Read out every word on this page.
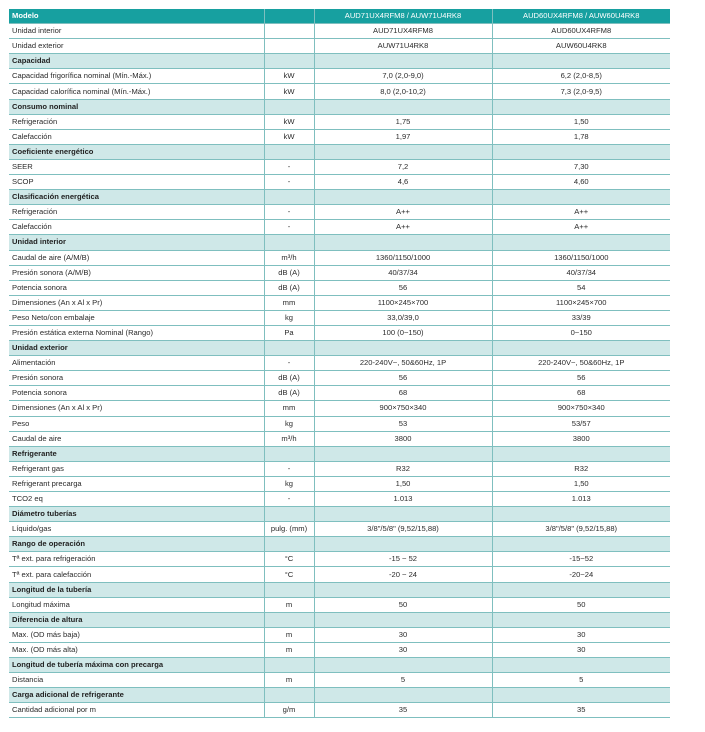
Modelo		AUD71UX4RFM8 / AUW71U4RK8	AUD60UX4RFM8 / AUW60U4RK8
Unidad interior		AUD71UX4RFM8	AUD60UX4RFM8
Unidad exterior		AUW71U4RK8	AUW60U4RK8
Capacidad			
Capacidad frigorífica nominal (Mín.-Máx.)	kW	7,0 (2,0-9,0)	6,2 (2,0-8,5)
Capacidad calorífica nominal (Mín.-Máx.)	kW	8,0 (2,0-10,2)	7,3 (2,0-9,5)
Consumo nominal			
Refrigeración	kW	1,75	1,50
Calefacción	kW	1,97	1,78
Coeficiente energético			
SEER	-	7,2	7,30
SCOP	-	4,6	4,60
Clasificación energética			
Refrigeración	-	A++	A++
Calefacción	-	A++	A++
Unidad interior			
Caudal de aire (A/M/B)	m³/h	1360/1150/1000	1360/1150/1000
Presión sonora (A/M/B)	dB (A)	40/37/34	40/37/34
Potencia sonora	dB (A)	56	54
Dimensiones (An x Al x Pr)	mm	1100×245×700	1100×245×700
Peso Neto/con embalaje	kg	33,0/39,0	33/39
Presión estática externa Nominal (Rango)	Pa	100 (0~150)	0~150
Unidad exterior			
Alimentación	-	220-240V~, 50&60Hz, 1P	220-240V~, 50&60Hz, 1P
Presión sonora	dB (A)	56	56
Potencia sonora	dB (A)	68	68
Dimensiones (An x Al x Pr)	mm	900×750×340	900×750×340
Peso	kg	53	53/57
Caudal de aire	m³/h	3800	3800
Refrigerante			
Refrigerant gas	-	R32	R32
Refrigerant precarga	kg	1,50	1,50
TCO2 eq	-	1.013	1.013
Diámetro tuberías			
Líquido/gas	pulg. (mm)	3/8"/5/8" (9,52/15,88)	3/8"/5/8" (9,52/15,88)
Rango de operación			
Tª ext. para refrigeración	°C	-15 ~ 52	-15~52
Tª ext. para calefacción	°C	-20 ~ 24	-20~24
Longitud de la tubería			
Longitud máxima	m	50	50
Diferencia de altura			
Max. (OD más baja)	m	30	30
Max. (OD más alta)	m	30	30
Longitud de tubería máxima con precarga			
Distancia	m	5	5
Carga adicional de refrigerante			
Cantidad adicional por m	g/m	35	35
